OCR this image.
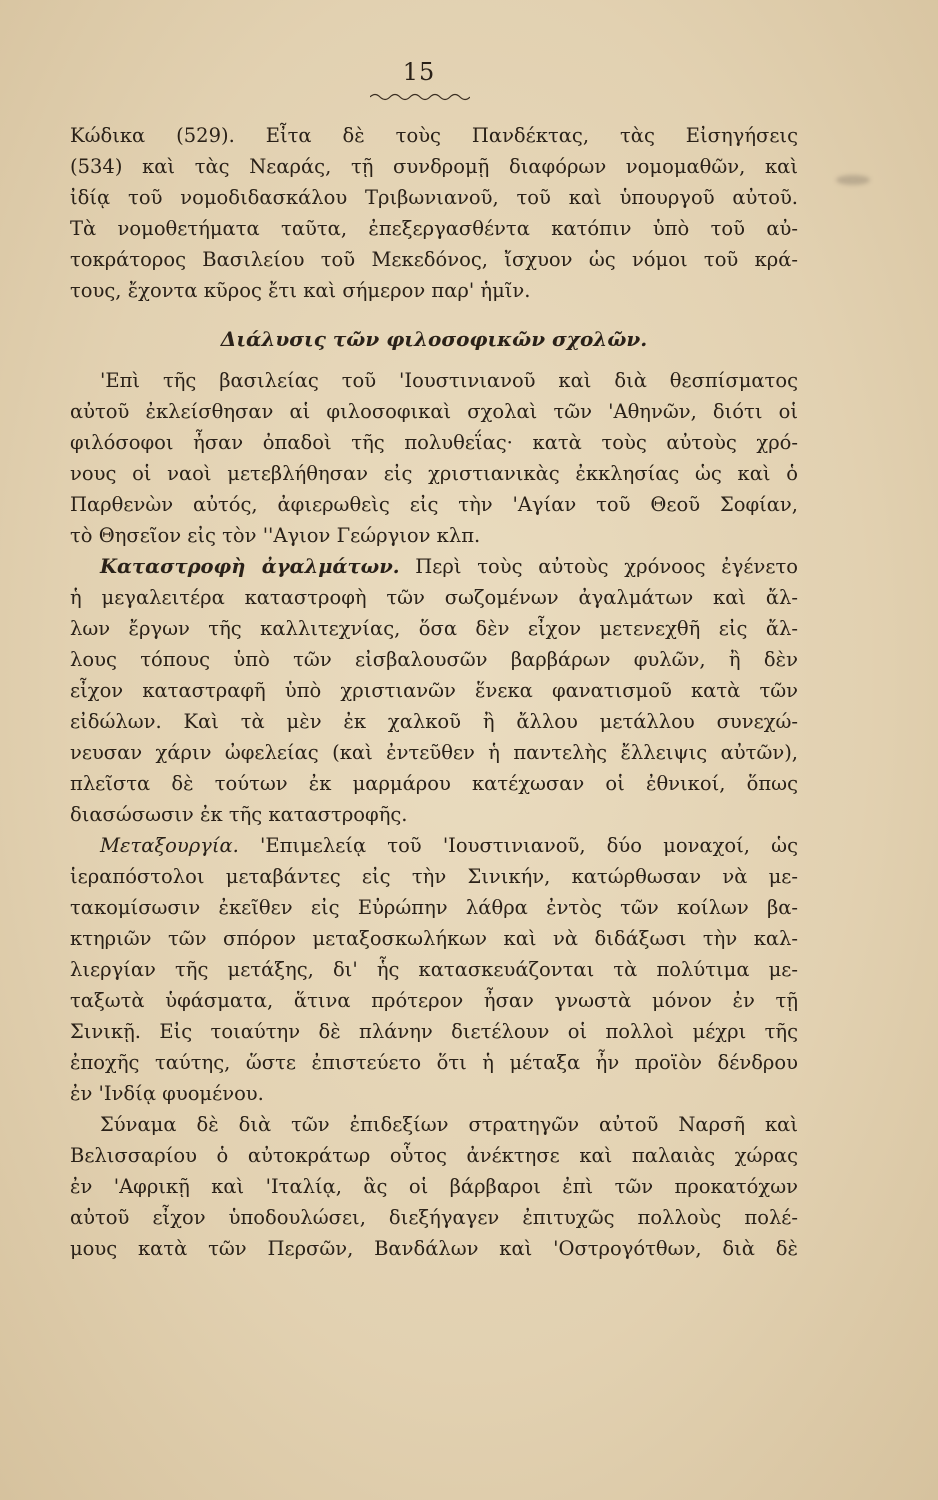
15
Κώδικα (529). Εἶτα δὲ τοὺς Πανδέκτας, τὰς Εἰσηγήσεις
(534) καὶ τὰς Νεαράς, τῇ συνδρομῇ διαφόρων νομομαθῶν, καὶ
ἰδίᾳ τοῦ νομοδιδασκάλου Τριβωνιανοῦ, τοῦ καὶ ὑπουργοῦ αὐτοῦ.
Τὰ νομοθετήματα ταῦτα, ἐπεξεργασθέντα κατόπιν ὑπὸ τοῦ αὐ-
τοκράτορος Βασιλείου τοῦ Μεκεδόνος, ἴσχυον ὡς νόμοι τοῦ κρά-
τους, ἔχοντα κῦρος ἔτι καὶ σήμερον παρ' ἡμῖν.
Διάλυσις τῶν φιλοσοφικῶν σχολῶν.
'Επὶ τῆς βασιλείας τοῦ 'Ιουστινιανοῦ καὶ διὰ θεσπίσματος
αὐτοῦ ἐκλείσθησαν αἱ φιλοσοφικαὶ σχολαὶ τῶν 'Αθηνῶν, διότι οἱ
φιλόσοφοι ἦσαν ὀπαδοὶ τῆς πολυθεΐας· κατὰ τοὺς αὐτοὺς χρό-
νους οἱ ναοὶ μετεβλήθησαν εἰς χριστιανικὰς ἐκκλησίας ὡς καὶ ὁ
Παρθενὼν αὐτός, ἀφιερωθεὶς εἰς τὴν 'Αγίαν τοῦ Θεοῦ Σοφίαν,
τὸ Θησεῖον εἰς τὸν ''Αγιον Γεώργιον κλπ.
Καταστροφὴ ἀγαλμάτων. Περὶ τοὺς αὐτοὺς χρόνοος ἐγένετο
ἡ μεγαλειτέρα καταστροφὴ τῶν σωζομένων ἀγαλμάτων καὶ ἄλ-
λων ἔργων τῆς καλλιτεχνίας, ὅσα δὲν εἶχον μετενεχθῆ εἰς ἄλ-
λους τόπους ὑπὸ τῶν εἰσβαλουσῶν βαρβάρων φυλῶν, ἢ δὲν
εἶχον καταστραφῆ ὑπὸ χριστιανῶν ἕνεκα φανατισμοῦ κατὰ τῶν
εἰδώλων. Καὶ τὰ μὲν ἐκ χαλκοῦ ἢ ἄλλου μετάλλου συνεχώ-
νευσαν χάριν ὠφελείας (καὶ ἐντεῦθεν ἡ παντελὴς ἔλλειψις αὐτῶν),
πλεῖστα δὲ τούτων ἐκ μαρμάρου κατέχωσαν οἱ ἐθνικοί, ὅπως
διασώσωσιν ἐκ τῆς καταστροφῆς.
Μεταξουργία. 'Επιμελείᾳ τοῦ 'Ιουστινιανοῦ, δύο μοναχοί, ὡς
ἱεραπόστολοι μεταβάντες εἰς τὴν Σινικήν, κατώρθωσαν νὰ με-
τακομίσωσιν ἐκεῖθεν εἰς Εὐρώπην λάθρα ἐντὸς τῶν κοίλων βα-
κτηριῶν τῶν σπόρον μεταξοσκωλήκων καὶ νὰ διδάξωσι τὴν καλ-
λιεργίαν τῆς μετάξης, δι' ἧς κατασκευάζονται τὰ πολύτιμα με-
ταξωτὰ ὑφάσματα, ἅτινα πρότερον ἦσαν γνωστὰ μόνον ἐν τῇ
Σινικῇ. Εἰς τοιαύτην δὲ πλάνην διετέλουν οἱ πολλοὶ μέχρι τῆς
ἐποχῆς ταύτης, ὥστε ἐπιστεύετο ὅτι ἡ μέταξα ἦν προϊὸν δένδρου
ἐν 'Ινδίᾳ φυομένου.
Σύναμα δὲ διὰ τῶν ἐπιδεξίων στρατηγῶν αὐτοῦ Ναρσῆ καὶ
Βελισσαρίου ὁ αὐτοκράτωρ οὗτος ἀνέκτησε καὶ παλαιὰς χώρας
ἐν 'Αφρικῇ καὶ 'Ιταλίᾳ, ἃς οἱ βάρβαροι ἐπὶ τῶν προκατόχων
αὐτοῦ εἶχον ὑποδουλώσει, διεξήγαγεν ἐπιτυχῶς πολλοὺς πολέ-
μους κατὰ τῶν Περσῶν, Βανδάλων καὶ 'Οστρογότθων, διὰ δὲ
